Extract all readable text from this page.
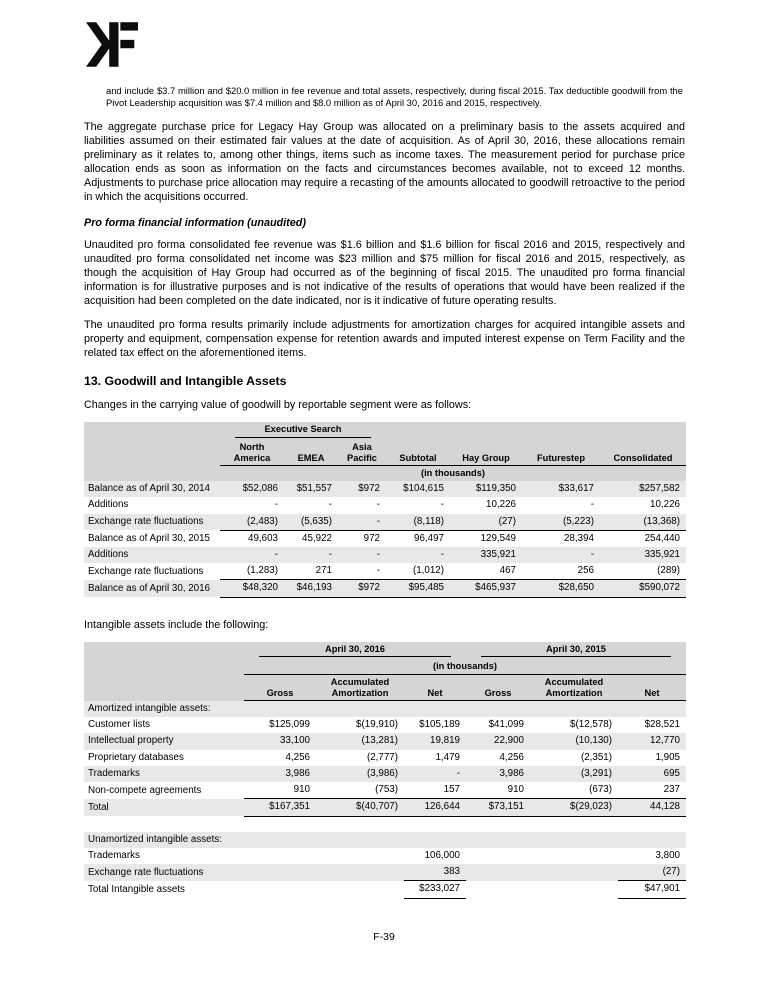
and include $3.7 million and $20.0 million in fee revenue and total assets, respectively, during fiscal 2015. Tax deductible goodwill from the Pivot Leadership acquisition was $7.4 million and $8.0 million as of April 30, 2016 and 2015, respectively.

The aggregate purchase price for Legacy Hay Group was allocated on a preliminary basis to the assets acquired and liabilities assumed on their estimated fair values at the date of acquisition. As of April 30, 2016, these allocations remain preliminary as it relates to, among other things, items such as income taxes. The measurement period for purchase price allocation ends as soon as information on the facts and circumstances becomes available, not to exceed 12 months. Adjustments to purchase price allocation may require a recasting of the amounts allocated to goodwill retroactive to the period in which the acquisitions occurred.

Pro forma financial information (unaudited)

Unaudited pro forma consolidated fee revenue was $1.6 billion and $1.6 billion for fiscal 2016 and 2015, respectively and unaudited pro forma consolidated net income was $23 million and $75 million for fiscal 2016 and 2015, respectively, as though the acquisition of Hay Group had occurred as of the beginning of fiscal 2015. The unaudited pro forma financial information is for illustrative purposes and is not indicative of the results of operations that would have been realized if the acquisition had been completed on the date indicated, nor is it indicative of future operating results.

The unaudited pro forma results primarily include adjustments for amortization charges for acquired intangible assets and property and equipment, compensation expense for retention awards and imputed interest expense on Term Facility and the related tax effect on the aforementioned items.

13. Goodwill and Intangible Assets

Changes in the carrying value of goodwill by reportable segment were as follows:

	Executive Search						

	North America	EMEA	Asia Pacific	Subtotal	Hay Group	Futurestep	Consolidated
	(in thousands)						
Balance as of April 30, 2014	$52,086	$51,557	$972	$104,615	$119,350	$33,617	$257,582
Additions	-	-	-	-	10,226	-	10,226
Exchange rate fluctuations	(2,483)	(5,635)	-	(8,118)	(27)	(5,223)	(13,368)
Balance as of April 30, 2015	49,603	45,922	972	96,497	129,549	28,394	254,440
Additions	-	-	-	-	335,921	-	335,921
Exchange rate fluctuations	(1,283)	271	-	(1,012)	467	256	(289)
Balance as of April 30, 2016	$48,320	$46,193	$972	$95,485	$465,937	$28,650	$590,072

Intangible assets include the following:

	April 30, 2016			April 30, 2015		

	(in thousands)					
	Gross	Accumulated Amortization	Net	Gross	Accumulated Amortization	Net
Amortized intangible assets:						
Customer lists	$125,099	$(19,910)	$105,189	$41,099	$(12,578)	$28,521
Intellectual property	33,100	(13,281)	19,819	22,900	(10,130)	12,770
Proprietary databases	4,256	(2,777)	1,479	4,256	(2,351)	1,905
Trademarks	3,986	(3,986)	-	3,986	(3,291)	695
Non-compete agreements	910	(753)	157	910	(673)	237
Total	$167,351	$(40,707)	126,644	$73,151	$(29,023)	44,128

Unamortized intangible assets:						
Trademarks			106,000			3,800
Exchange rate fluctuations			383			(27)
Total Intangible assets			$233,027			$47,901
F-39
